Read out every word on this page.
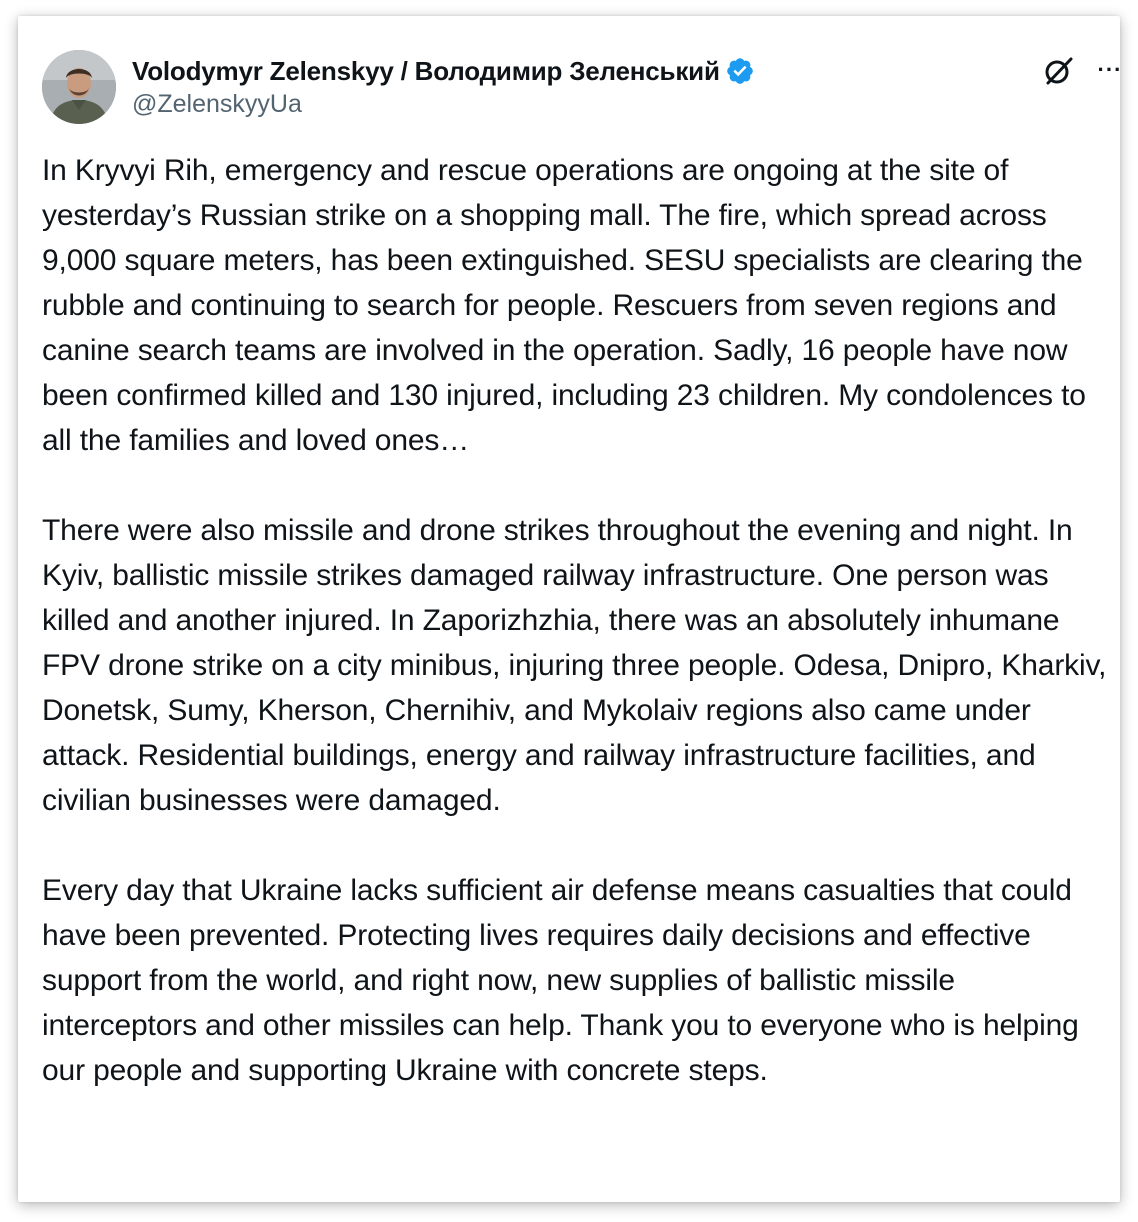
Volodymyr Zelenskyy / Володимир Зеленський
@ZelenskyyUa
···

In Kryvyi Rih, emergency and rescue operations are ongoing at the site of yesterday’s Russian strike on a shopping mall. The fire, which spread across 9,000 square meters, has been extinguished. SESU specialists are clearing the rubble and continuing to search for people. Rescuers from seven regions and canine search teams are involved in the operation. Sadly, 16 people have now been confirmed killed and 130 injured, including 23 children. My condolences to all the families and loved ones…

There were also missile and drone strikes throughout the evening and night. In Kyiv, ballistic missile strikes damaged railway infrastructure. One person was killed and another injured. In Zaporizhzhia, there was an absolutely inhumane FPV drone strike on a city minibus, injuring three people. Odesa, Dnipro, Kharkiv, Donetsk, Sumy, Kherson, Chernihiv, and Mykolaiv regions also came under attack. Residential buildings, energy and railway infrastructure facilities, and civilian businesses were damaged.

Every day that Ukraine lacks sufficient air defense means casualties that could have been prevented. Protecting lives requires daily decisions and effective support from the world, and right now, new supplies of ballistic missile interceptors and other missiles can help. Thank you to everyone who is helping our people and supporting Ukraine with concrete steps.
